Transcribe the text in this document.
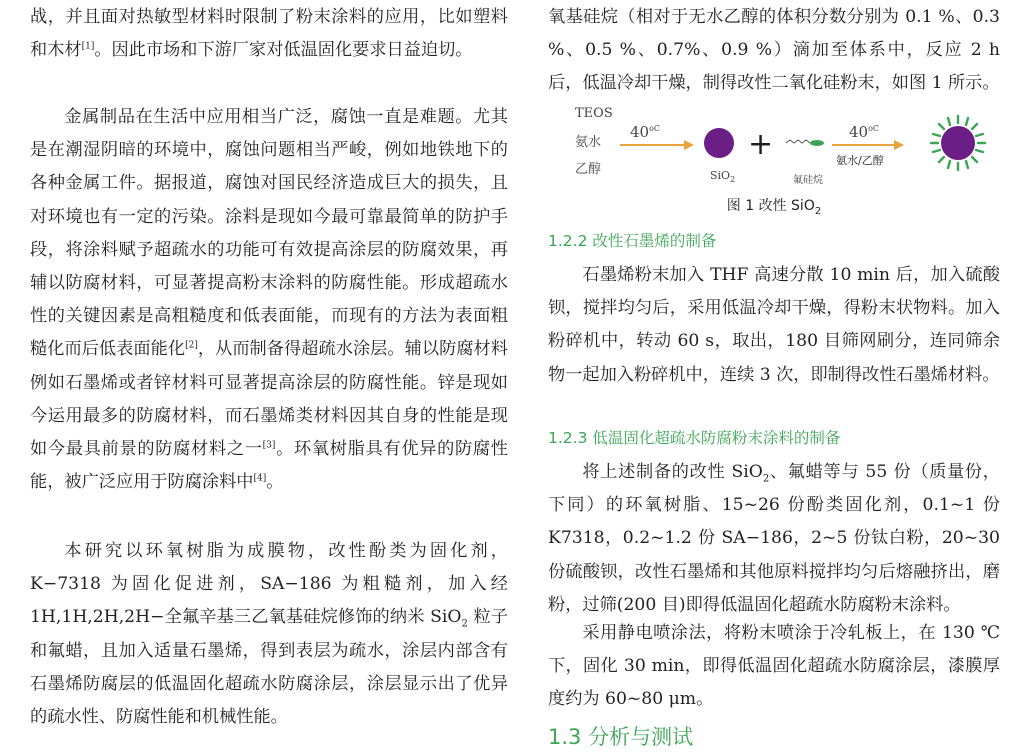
战，并且面对热敏型材料时限制了粉末涂料的应用，比如塑料和木材[1]。因此市场和下游厂家对低温固化要求日益迫切。

金属制品在生活中应用相当广泛，腐蚀一直是难题。尤其是在潮湿阴暗的环境中，腐蚀问题相当严峻，例如地铁地下的各种金属工件。据报道，腐蚀对国民经济造成巨大的损失，且对环境也有一定的污染。涂料是现如今最可靠最简单的防护手段，将涂料赋予超疏水的功能可有效提高涂层的防腐效果，再辅以防腐材料，可显著提高粉末涂料的防腐性能。形成超疏水性的关键因素是高粗糙度和低表面能，而现有的方法为表面粗糙化而后低表面能化[2]，从而制备得超疏水涂层。辅以防腐材料例如石墨烯或者锌材料可显著提高涂层的防腐性能。锌是现如今运用最多的防腐材料，而石墨烯类材料因其自身的性能是现如今最具前景的防腐材料之一[3]。环氧树脂具有优异的防腐性能，被广泛应用于防腐涂料中[4]。

本研究以环氧树脂为成膜物，改性酚类为固化剂，K−7318 为固化促进剂，SA−186 为粗糙剂，加入经 1H,1H,2H,2H−全氟辛基三乙氧基硅烷修饰的纳米 SiO$_2$ 粒子和氟蜡，且加入适量石墨烯，得到表层为疏水，涂层内部含有石墨烯防腐层的低温固化超疏水防腐涂层，涂层显示出了优异的疏水性、防腐性能和机械性能。

氧基硅烷（相对于无水乙醇的体积分数分别为 0.1 %、0.3 %、0.5 %、0.7%、0.9 %）滴加至体系中，反应 2 h 后，低温冷却干燥，制得改性二氧化硅粉末，如图 1 所示。

TEOS
氨水
乙醇
$40^{oC}$
SiO$_2$	氟硅烷
$40^{oC}$
氨水/乙醇
+

图 1 改性 SiO$_2$

1.2.2 改性石墨烯的制备

石墨烯粉末加入 THF 高速分散 10 min 后，加入硫酸钡，搅拌均匀后，采用低温冷却干燥，得粉末状物料。加入粉碎机中，转动 60 s，取出，180 目筛网刷分，连同筛余物一起加入粉碎机中，连续 3 次，即制得改性石墨烯材料。

1.2.3 低温固化超疏水防腐粉末涂料的制备

将上述制备的改性 SiO$_2$、氟蜡等与 55 份（质量份，下同）的环氧树脂、15~26 份酚类固化剂，0.1~1 份 K7318，0.2~1.2 份 SA−186，2~5 份钛白粉，20~30 份硫酸钡，改性石墨烯和其他原料搅拌均匀后熔融挤出，磨粉，过筛(200 目)即得低温固化超疏水防腐粉末涂料。

采用静电喷涂法，将粉末喷涂于冷轧板上，在 130 ℃下，固化 30 min，即得低温固化超疏水防腐涂层，漆膜厚度约为 60~80 μm。

1.3 分析与测试
